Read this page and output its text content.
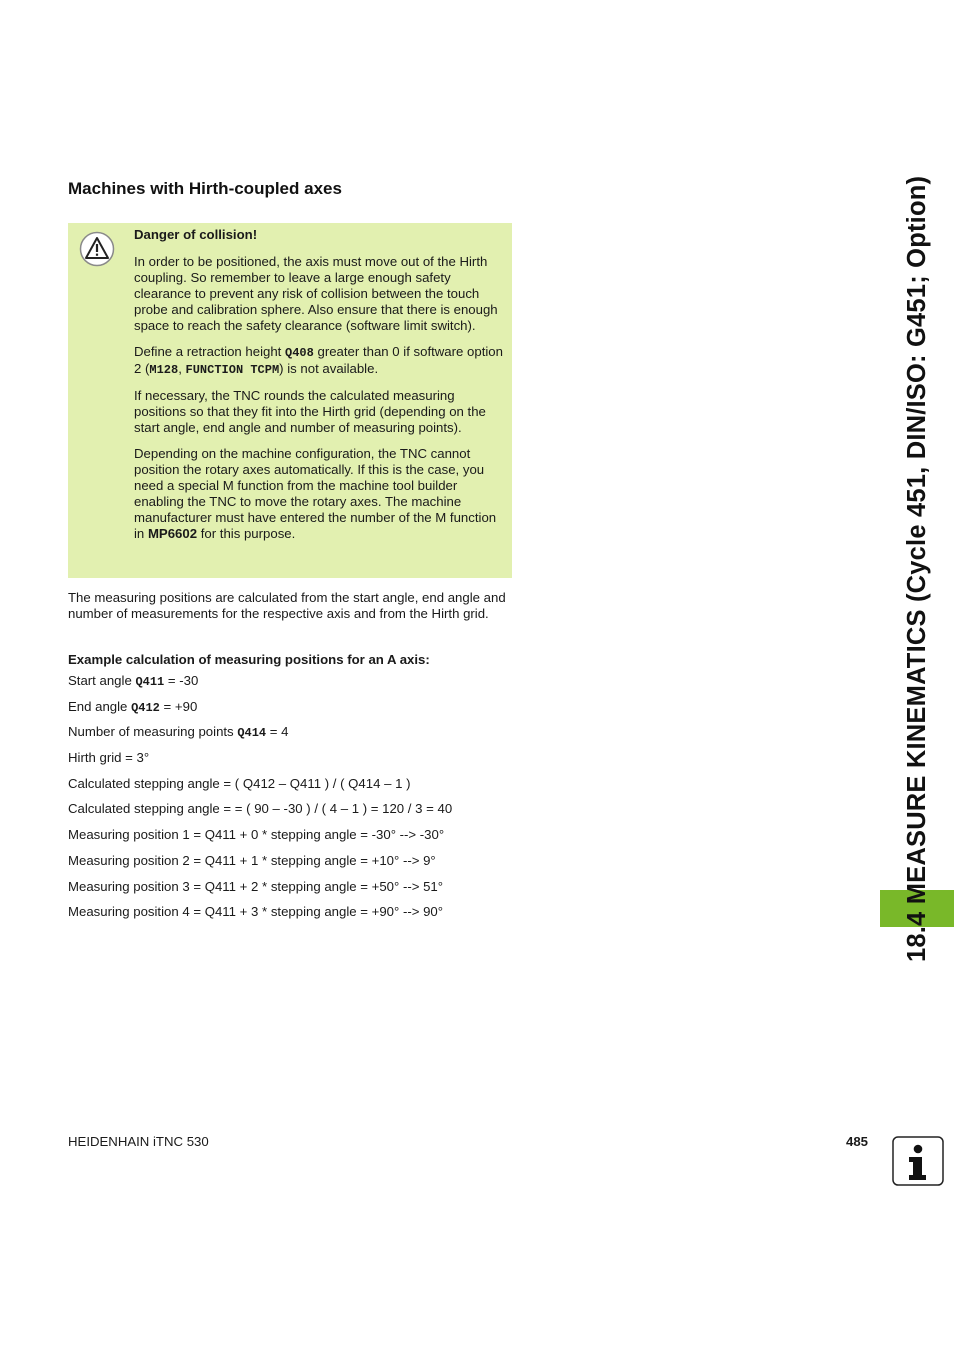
Machines with Hirth-coupled axes

Danger of collision!

In order to be positioned, the axis must move out of the Hirth coupling. So remember to leave a large enough safety clearance to prevent any risk of collision between the touch probe and calibration sphere. Also ensure that there is enough space to reach the safety clearance (software limit switch).

Define a retraction height Q408 greater than 0 if software option 2 (M128, FUNCTION TCPM) is not available.

If necessary, the TNC rounds the calculated measuring positions so that they fit into the Hirth grid (depending on the start angle, end angle and number of measuring points).

Depending on the machine configuration, the TNC cannot position the rotary axes automatically. If this is the case, you need a special M function from the machine tool builder enabling the TNC to move the rotary axes. The machine manufacturer must have entered the number of the M function in MP6602 for this purpose.

The measuring positions are calculated from the start angle, end angle and number of measurements for the respective axis and from the Hirth grid.

Example calculation of measuring positions for an A axis:

Start angle Q411 = -30
End angle Q412 = +90
Number of measuring points Q414 = 4
Hirth grid = 3°
Calculated stepping angle = ( Q412 – Q411 ) / ( Q414 – 1 )
Calculated stepping angle = = ( 90 – -30 ) / ( 4 – 1 ) = 120 / 3 = 40
Measuring position 1 = Q411 + 0 * stepping angle = -30° --> -30°
Measuring position 2 = Q411 + 1 * stepping angle = +10° --> 9°
Measuring position 3 = Q411 + 2 * stepping angle = +50° --> 51°
Measuring position 4 = Q411 + 3 * stepping angle = +90° --> 90°	18.4 MEASURE KINEMATICS (Cycle 451, DIN/ISO: G451; Option)

HEIDENHAIN iTNC 530	485
